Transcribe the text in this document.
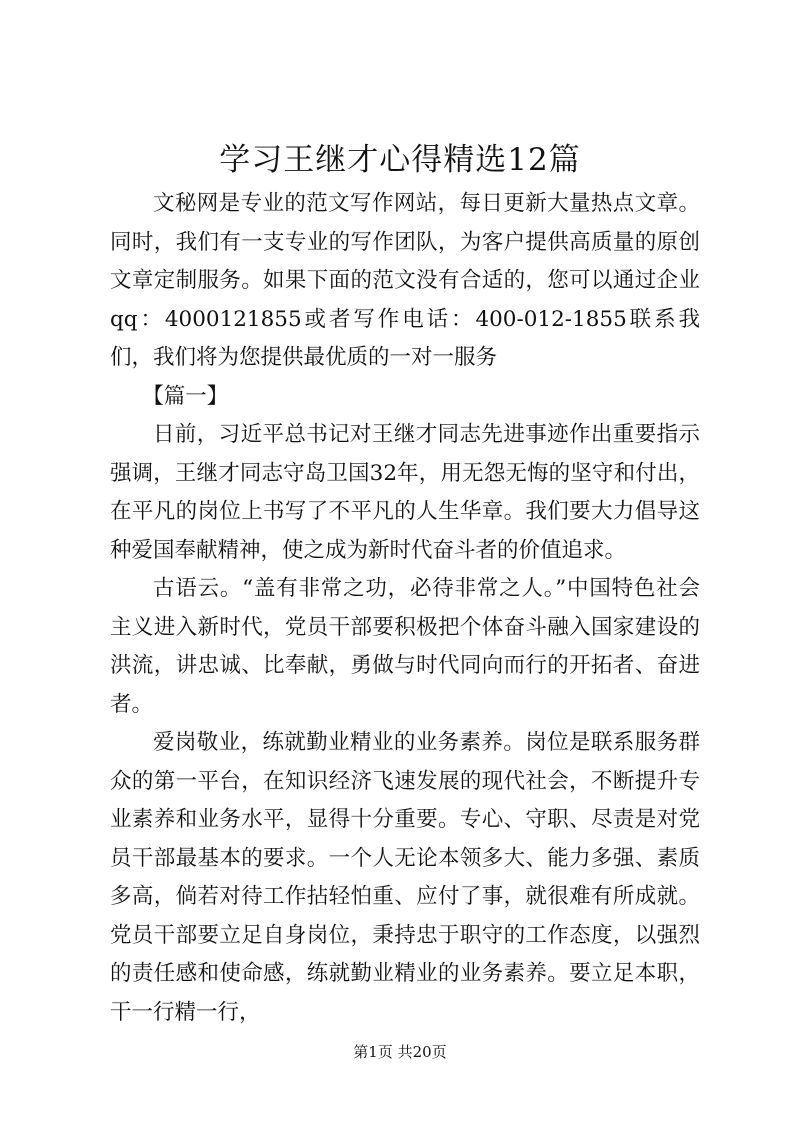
学习王继才心得精选12篇

文秘网是专业的范文写作网站，每日更新大量热点文章。同时，我们有一支专业的写作团队，为客户提供高质量的原创文章定制服务。如果下面的范文没有合适的，您可以通过企业qq：4000121855或者写作电话：400-012-1855联系我们，我们将为您提供最优质的一对一服务

【篇一】

日前，习近平总书记对王继才同志先进事迹作出重要指示强调，王继才同志守岛卫国32年，用无怨无悔的坚守和付出，在平凡的岗位上书写了不平凡的人生华章。我们要大力倡导这种爱国奉献精神，使之成为新时代奋斗者的价值追求。

古语云。“盖有非常之功，必待非常之人。”中国特色社会主义进入新时代，党员干部要积极把个体奋斗融入国家建设的洪流，讲忠诚、比奉献，勇做与时代同向而行的开拓者、奋进者。

爱岗敬业，练就勤业精业的业务素养。岗位是联系服务群众的第一平台，在知识经济飞速发展的现代社会，不断提升专业素养和业务水平，显得十分重要。专心、守职、尽责是对党员干部最基本的要求。一个人无论本领多大、能力多强、素质多高，倘若对待工作拈轻怕重、应付了事，就很难有所成就。党员干部要立足自身岗位，秉持忠于职守的工作态度，以强烈的责任感和使命感，练就勤业精业的业务素养。要立足本职，干一行精一行，

第1页 共20页
